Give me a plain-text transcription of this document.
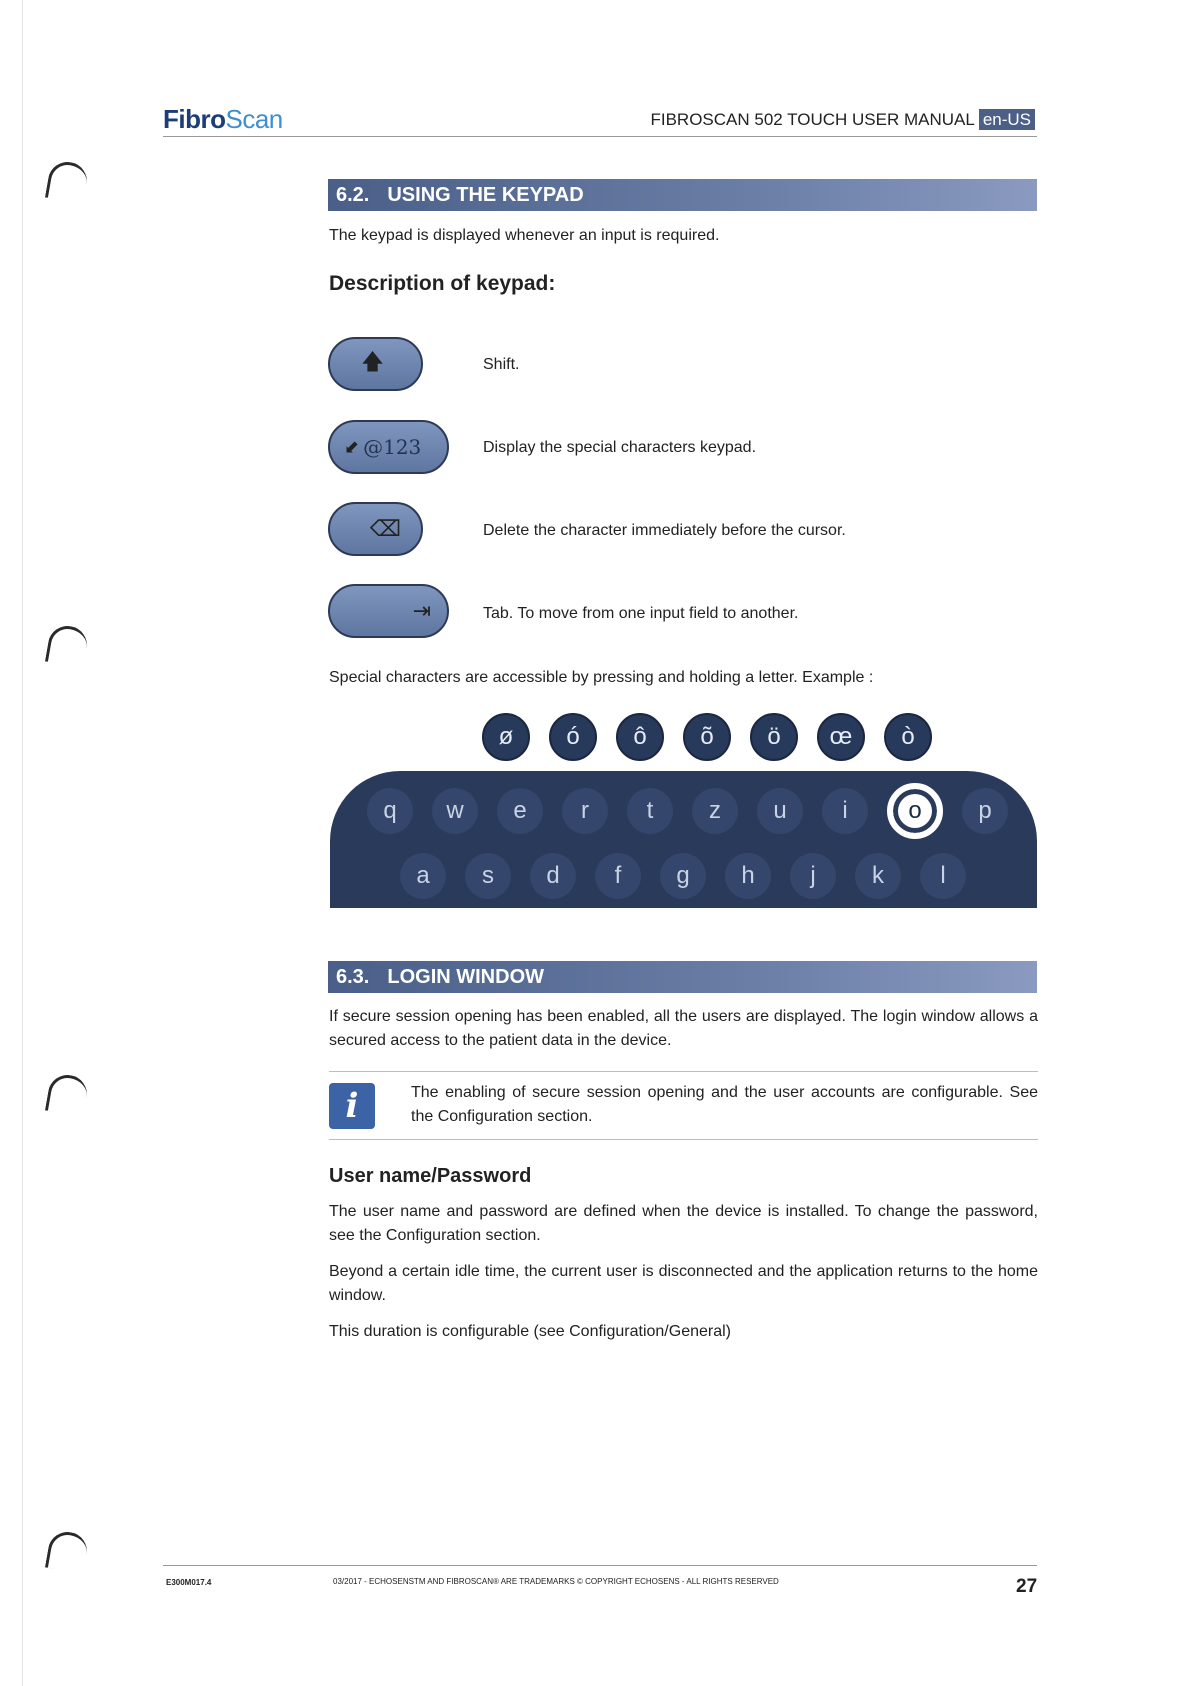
FibroScan	FIBROSCAN 502 TOUCH USER MANUAL en-US
6.2. USING THE KEYPAD
The keypad is displayed whenever an input is required.
Description of keypad:
🡅	Shift.
⬋ @123	Display the special characters keypad.
⌫	Delete the character immediately before the cursor.
⇥	Tab. To move from one input field to another.
Special characters are accessible by pressing and holding a letter. Example :
ø	ó	ô	õ	ö	œ	ò
q	w	e	r	t	z	u	i	o	p
a	s	d	f	g	h	j	k	l
6.3. LOGIN WINDOW
If secure session opening has been enabled, all the users are displayed. The login window allows a secured access to the patient data in the device.
i	The enabling of secure session opening and the user accounts are configurable. See the Configuration section.
User name/Password
The user name and password are defined when the device is installed. To change the password, see the Configuration section.
Beyond a certain idle time, the current user is disconnected and the application returns to the home window.
This duration is configurable (see Configuration/General)
E300M017.4	03/2017 - ECHOSENSTM AND FIBROSCAN® ARE TRADEMARKS © COPYRIGHT ECHOSENS - ALL RIGHTS RESERVED	27
